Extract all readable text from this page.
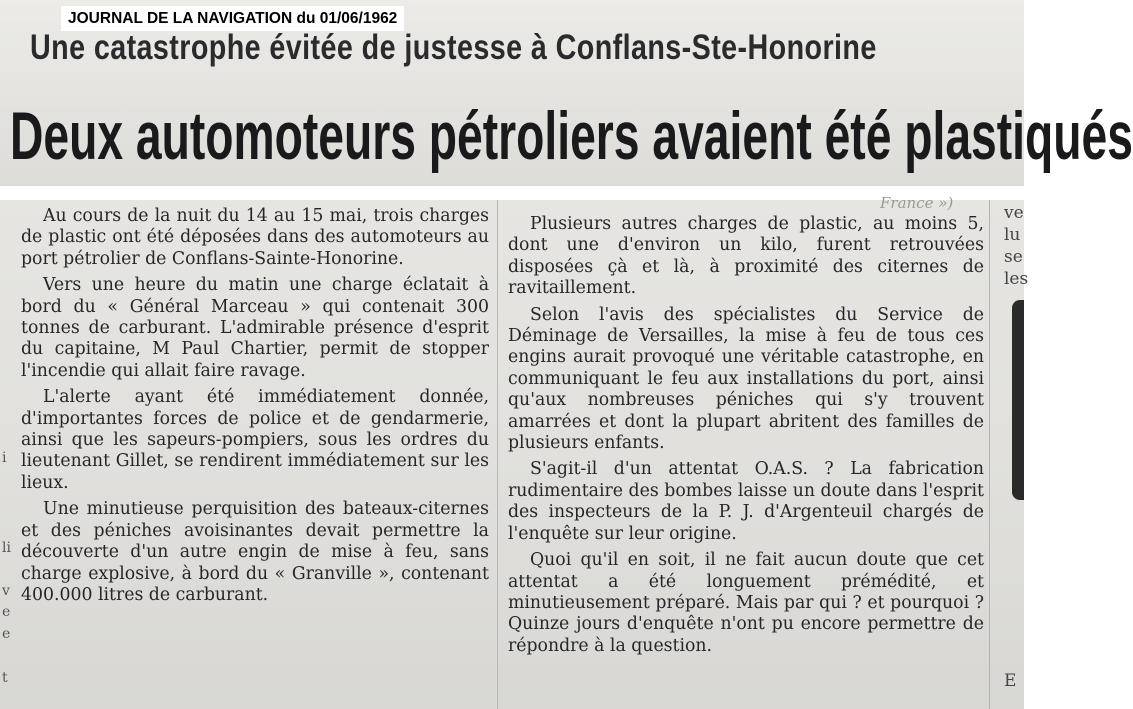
JOURNAL DE LA NAVIGATION du 01/06/1962
Une catastrophe évitée de justesse à Conflans-Ste-Honorine
Deux automoteurs pétroliers avaient été plastiqués
France »)

Au cours de la nuit du 14 au 15 mai, trois charges de plastic ont été déposées dans des automoteurs au port pétrolier de Conflans-Sainte-Honorine.

Vers une heure du matin une charge éclatait à bord du « Général Marceau » qui contenait 300 tonnes de carburant. L'admirable présence d'esprit du capitaine, M Paul Chartier, permit de stopper l'incendie qui allait faire ravage.

L'alerte ayant été immédiatement donnée, d'importantes forces de police et de gendarmerie, ainsi que les sapeurs-pompiers, sous les ordres du lieutenant Gillet, se rendirent immédiatement sur les lieux.

Une minutieuse perquisition des bateaux-citernes et des péniches avoisinantes devait permettre la découverte d'un autre engin de mise à feu, sans charge explosive, à bord du « Granville », contenant 400.000 litres de carburant.

Plusieurs autres charges de plastic, au moins 5, dont une d'environ un kilo, furent retrouvées disposées çà et là, à proximité des citernes de ravitaillement.

Selon l'avis des spécialistes du Service de Déminage de Versailles, la mise à feu de tous ces engins aurait provoqué une véritable catastrophe, en communiquant le feu aux installations du port, ainsi qu'aux nombreuses péniches qui s'y trouvent amarrées et dont la plupart abritent des familles de plusieurs enfants.

S'agit-il d'un attentat O.A.S. ? La fabrication rudimentaire des bombes laisse un doute dans l'esprit des inspecteurs de la P. J. d'Argenteuil chargés de l'enquête sur leur origine.

Quoi qu'il en soit, il ne fait aucun doute que cet attentat a été longuement prémédité, et minutieusement préparé. Mais par qui ? et pourquoi ? Quinze jours d'enquête n'ont pu encore permettre de répondre à la question.

ve
lu
se
les
E
i
li
v
e
e
t
